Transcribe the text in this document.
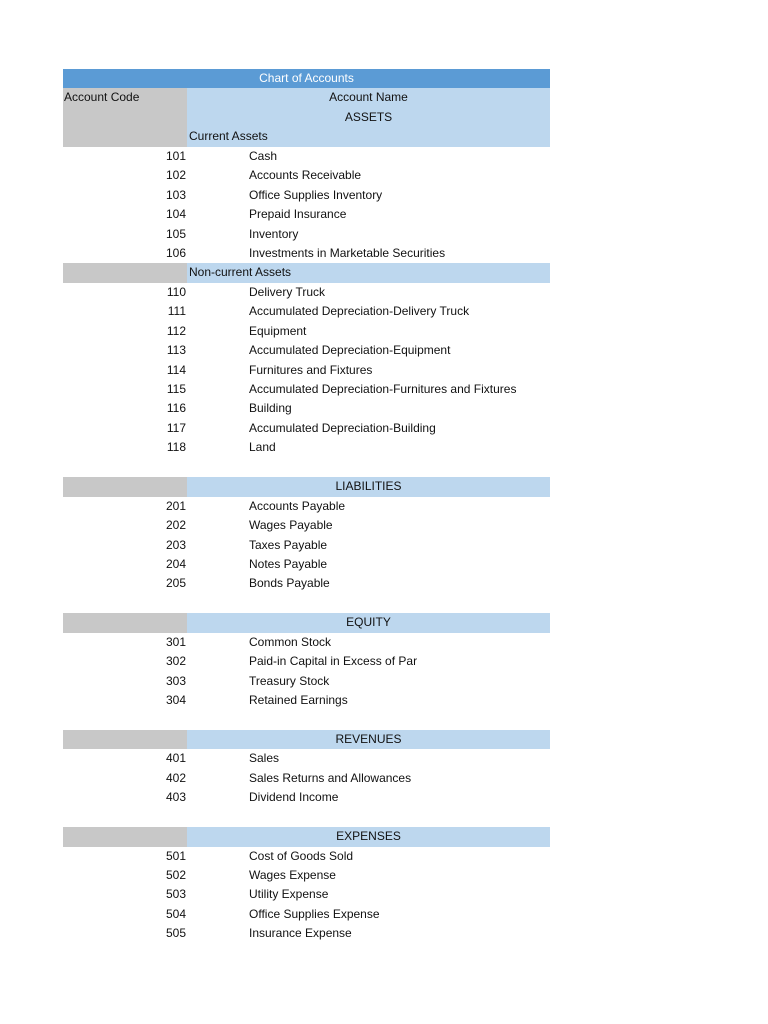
Chart of Accounts
Account Code	Account Name
ASSETS
Current Assets
101	Cash
102	Accounts Receivable
103	Office Supplies Inventory
104	Prepaid Insurance
105	Inventory
106	Investments in Marketable Securities
Non-current Assets
110	Delivery Truck
111	Accumulated Depreciation-Delivery Truck
112	Equipment
113	Accumulated Depreciation-Equipment
114	Furnitures and Fixtures
115	Accumulated Depreciation-Furnitures and Fixtures
116	Building
117	Accumulated Depreciation-Building
118	Land
LIABILITIES
201	Accounts Payable
202	Wages Payable
203	Taxes Payable
204	Notes Payable
205	Bonds Payable
EQUITY
301	Common Stock
302	Paid-in Capital in Excess of Par
303	Treasury Stock
304	Retained Earnings
REVENUES
401	Sales
402	Sales Returns and Allowances
403	Dividend Income
EXPENSES
501	Cost of Goods Sold
502	Wages Expense
503	Utility Expense
504	Office Supplies Expense
505	Insurance Expense
